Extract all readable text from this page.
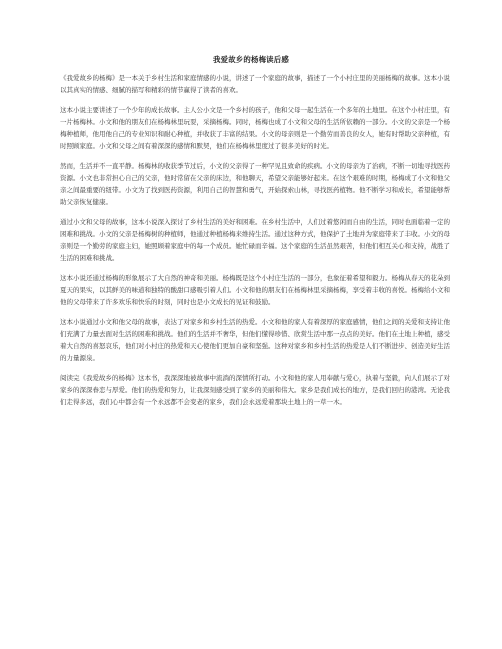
我爱故乡的杨梅读后感

《我爱故乡的杨梅》是一本关于乡村生活和家庭情感的小说，讲述了一个家庭的故事，描述了一个小村庄里的美丽杨梅的故事。这本小说以其真实的情感、细腻的描写和精彩的情节赢得了读者的喜欢。

这本小说主要讲述了一个少年的成长故事。主人公小文是一个乡村的孩子，他和父母一起生活在一个多年的土地里。在这个小村庄里，有一片杨梅林。小文和他的朋友们在杨梅林里玩耍，采摘杨梅。同时，杨梅也成了小文和父母的生活所依赖的一部分。小文的父亲是一个杨梅种植师，他用他自己的专业知识和耐心种植，并收获了丰富的结果。小文的母亲则是一个勤劳而善良的女人，她有时帮助父亲种植，有时照顾家庭。小文和父母之间有着深深的感情和默契，他们在杨梅林里度过了很多美好的时光。

然而，生活并不一直平静。杨梅林的收获季节过后，小文的父亲得了一种罕见且致命的疾病。小文的母亲为了治病，不断一切地寻找医药资源。小文也非常担心自己的父亲，他时常留在父亲的床边，和他聊天，希望父亲能够好起来。在这个艰难的时期，杨梅成了小文和他父亲之间最重要的纽带。小文为了找到医药资源，利用自己的智慧和勇气，开始探索山林，寻找医药植物。他不断学习和成长，希望能够帮助父亲恢复健康。

通过小文和父母的故事，这本小说深入探讨了乡村生活的美好和困难。在乡村生活中，人们过着悠闲而自由的生活，同时也面临着一定的困难和挑战。小文的父亲是杨梅树的种植师，他通过种植杨梅来维持生活。通过这种方式，他保护了土地并为家庭带来了丰收。小文的母亲则是一个勤劳的家庭主妇，她照顾着家庭中的每一个成员。她忙碌而辛福。这个家庭的生活虽然艰苦，但他们相互关心和支持，战胜了生活的困难和挑战。

这本小说还通过杨梅的形象展示了大自然的神奇和美丽。杨梅既是这个小村庄生活的一部分，也象征着希望和毅力。杨梅从春天的花朵到夏天的果实，以其鲜美的味道和独特的酸甜口感吸引着人们。小文和他的朋友们在杨梅林里采摘杨梅，享受着丰收的喜悦。杨梅给小文和他的父母带来了许多欢乐和快乐的时刻，同时也是小文成长的见证和鼓励。

这本小说通过小文和他父母的故事，表达了对家乡和乡村生活的热爱。小文和他的家人有着深厚的家庭感情，他们之间的关爱和支持让他们充满了力量去面对生活的困难和挑战。他们的生活并不奢华，但他们懂得珍惜、欣赏生活中那一点点的美好。他们在土地上种植，感受着大自然的喜怒哀乐，他们对小村庄的热爱和天心使他们更加自豪和坚强。这种对家乡和乡村生活的热爱是人们不断进步、创造美好生活的力量源泉。

阅读完《我爱故乡的杨梅》这本书，我深深地被故事中流淌的深情所打动。小文和他的家人用奉献与爱心，执着与坚毅，向人们展示了对家乡的深深眷恋与厚爱。他们的热爱和努力，让我深刻感受到了家乡的美丽和伟大。家乡是我们成长的地方，是我们回归的港湾。无论我们走得多远，我们心中都会有一个永远都不会变老的家乡，我们会永远爱着那块土地上的一草一木。
